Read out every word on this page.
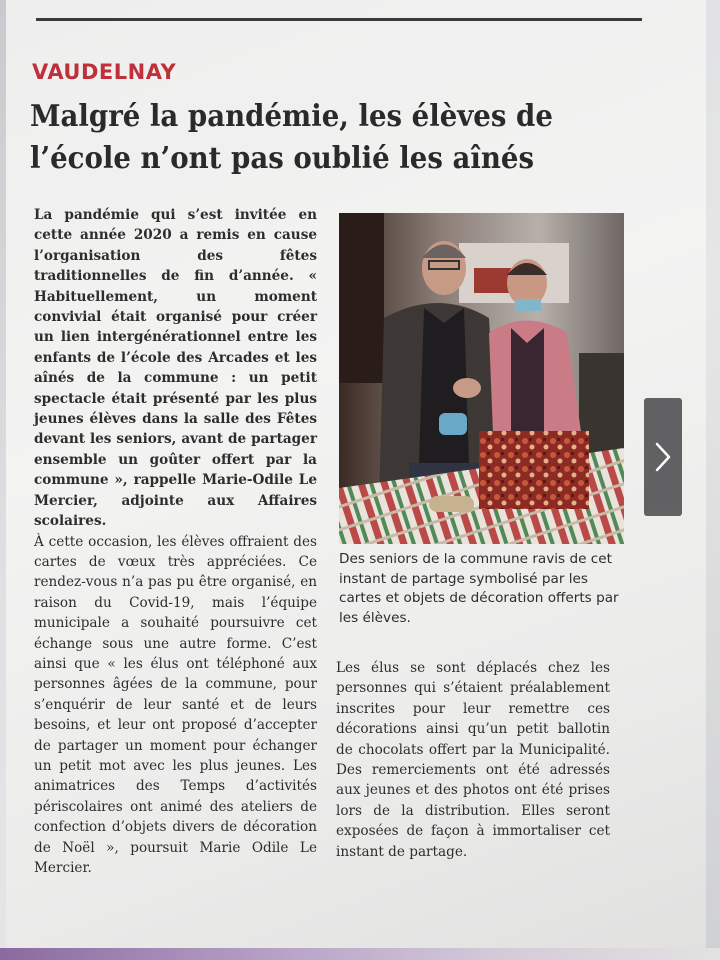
VAUDELNAY
Malgré la pandémie, les élèves de l’école n’ont pas oublié les aînés

La pandémie qui s’est invitée en cette année 2020 a remis en cause l’organisation des fêtes traditionnelles de fin d’année. « Habituellement, un moment convivial était organisé pour créer un lien intergénérationnel entre les enfants de l’école des Arcades et les aînés de la commune : un petit spectacle était présenté par les plus jeunes élèves dans la salle des Fêtes devant les seniors, avant de partager ensemble un goûter offert par la commune », rappelle Marie-Odile Le Mercier, adjointe aux Affaires scolaires.

À cette occasion, les élèves offraient des cartes de vœux très appréciées. Ce rendez-vous n’a pas pu être organisé, en raison du Covid-19, mais l’équipe municipale a souhaité poursuivre cet échange sous une autre forme. C’est ainsi que « les élus ont téléphoné aux personnes âgées de la commune, pour s’enquérir de leur santé et de leurs besoins, et leur ont proposé d’accepter de partager un moment pour échanger un petit mot avec les plus jeunes. Les animatrices des Temps d’activités périscolaires ont animé des ateliers de confection d’objets divers de décoration de Noël », poursuit Marie Odile Le Mercier.

Des seniors de la commune ravis de cet instant de partage symbolisé par les cartes et objets de décoration offerts par les élèves.

Les élus se sont déplacés chez les personnes qui s’étaient préalablement inscrites pour leur remettre ces décorations ainsi qu’un petit ballotin de chocolats offert par la Municipalité. Des remerciements ont été adressés aux jeunes et des photos ont été prises lors de la distribution. Elles seront exposées de façon à immortaliser cet instant de partage.
